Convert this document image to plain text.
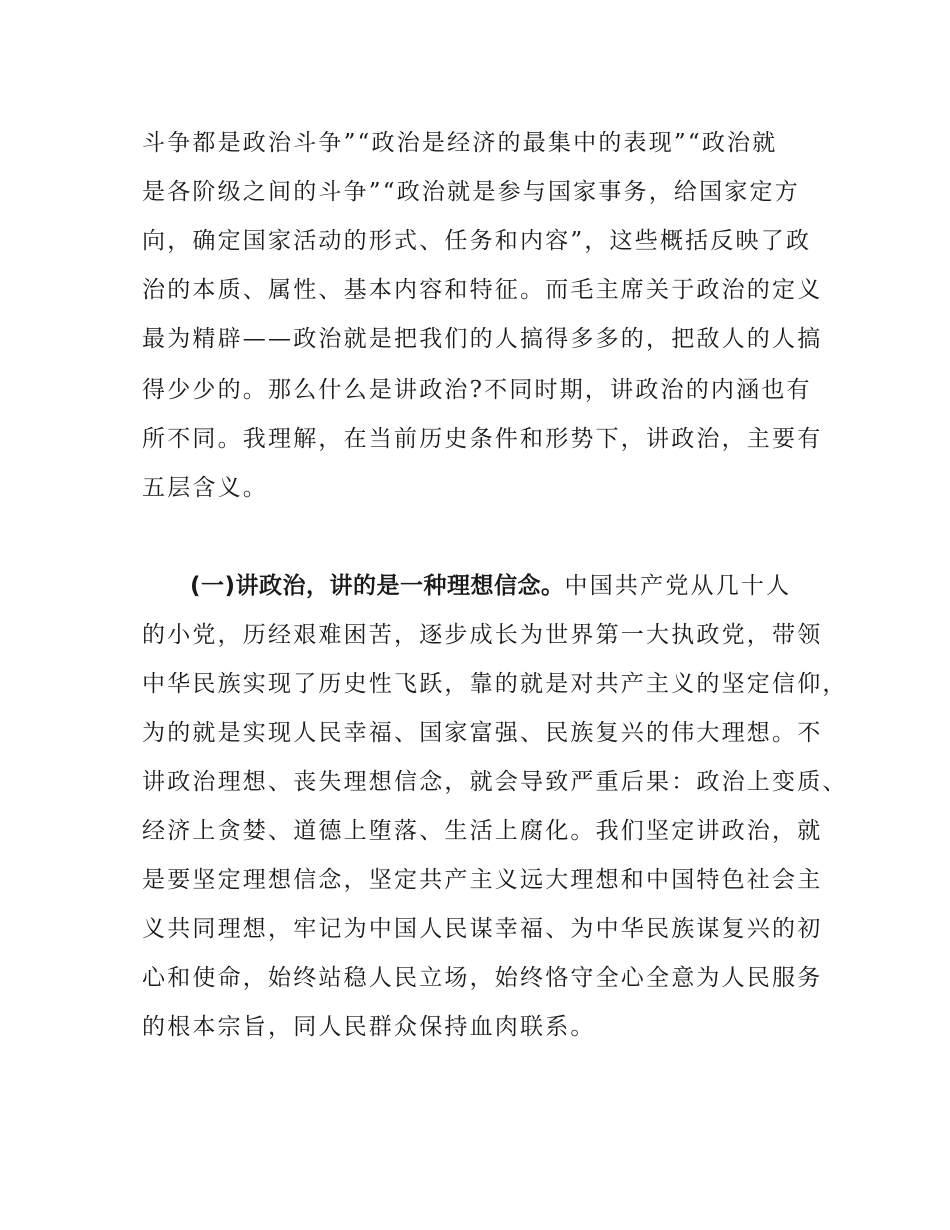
斗争都是政治斗争”“政治是经济的最集中的表现”“政治就
是各阶级之间的斗争”“政治就是参与国家事务，给国家定方
向，确定国家活动的形式、任务和内容”，这些概括反映了政
治的本质、属性、基本内容和特征。而毛主席关于政治的定义
最为精辟——政治就是把我们的人搞得多多的，把敌人的人搞
得少少的。那么什么是讲政治?不同时期，讲政治的内涵也有
所不同。我理解，在当前历史条件和形势下，讲政治，主要有
五层含义。
(一)讲政治，讲的是一种理想信念。中国共产党从几十人
的小党，历经艰难困苦，逐步成长为世界第一大执政党，带领
中华民族实现了历史性飞跃，靠的就是对共产主义的坚定信仰，
为的就是实现人民幸福、国家富强、民族复兴的伟大理想。不
讲政治理想、丧失理想信念，就会导致严重后果：政治上变质、
经济上贪婪、道德上堕落、生活上腐化。我们坚定讲政治，就
是要坚定理想信念，坚定共产主义远大理想和中国特色社会主
义共同理想，牢记为中国人民谋幸福、为中华民族谋复兴的初
心和使命，始终站稳人民立场，始终恪守全心全意为人民服务
的根本宗旨，同人民群众保持血肉联系。
